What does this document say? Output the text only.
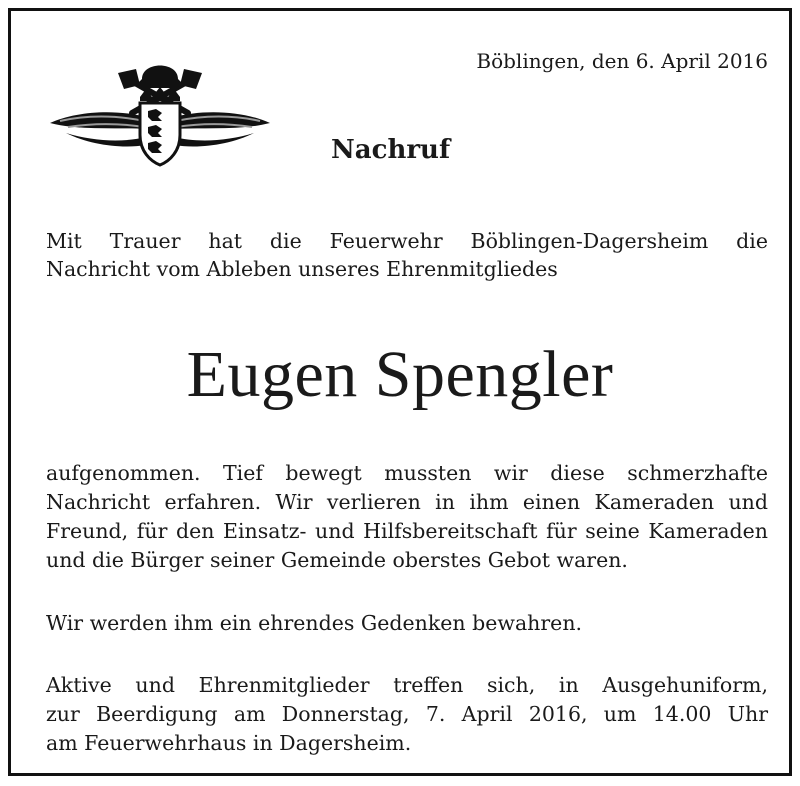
Böblingen, den 6. April 2016
Nachruf
Mit Trauer hat die Feuerwehr Böblingen-Dagersheim die
Nachricht vom Ableben unseres Ehrenmitgliedes
Eugen Spengler
aufgenommen. Tief bewegt mussten wir diese schmerzhafte Nachricht erfahren. Wir verlieren in ihm einen Kameraden und Freund, für den Einsatz- und Hilfsbereitschaft für seine Kameraden und die Bürger seiner Gemeinde oberstes Gebot waren.
Wir werden ihm ein ehrendes Gedenken bewahren.
Aktive und Ehrenmitglieder treffen sich, in Ausgehuniform,
zur Beerdigung am Donnerstag, 7. April 2016, um 14.00 Uhr
am Feuerwehrhaus in Dagersheim.
